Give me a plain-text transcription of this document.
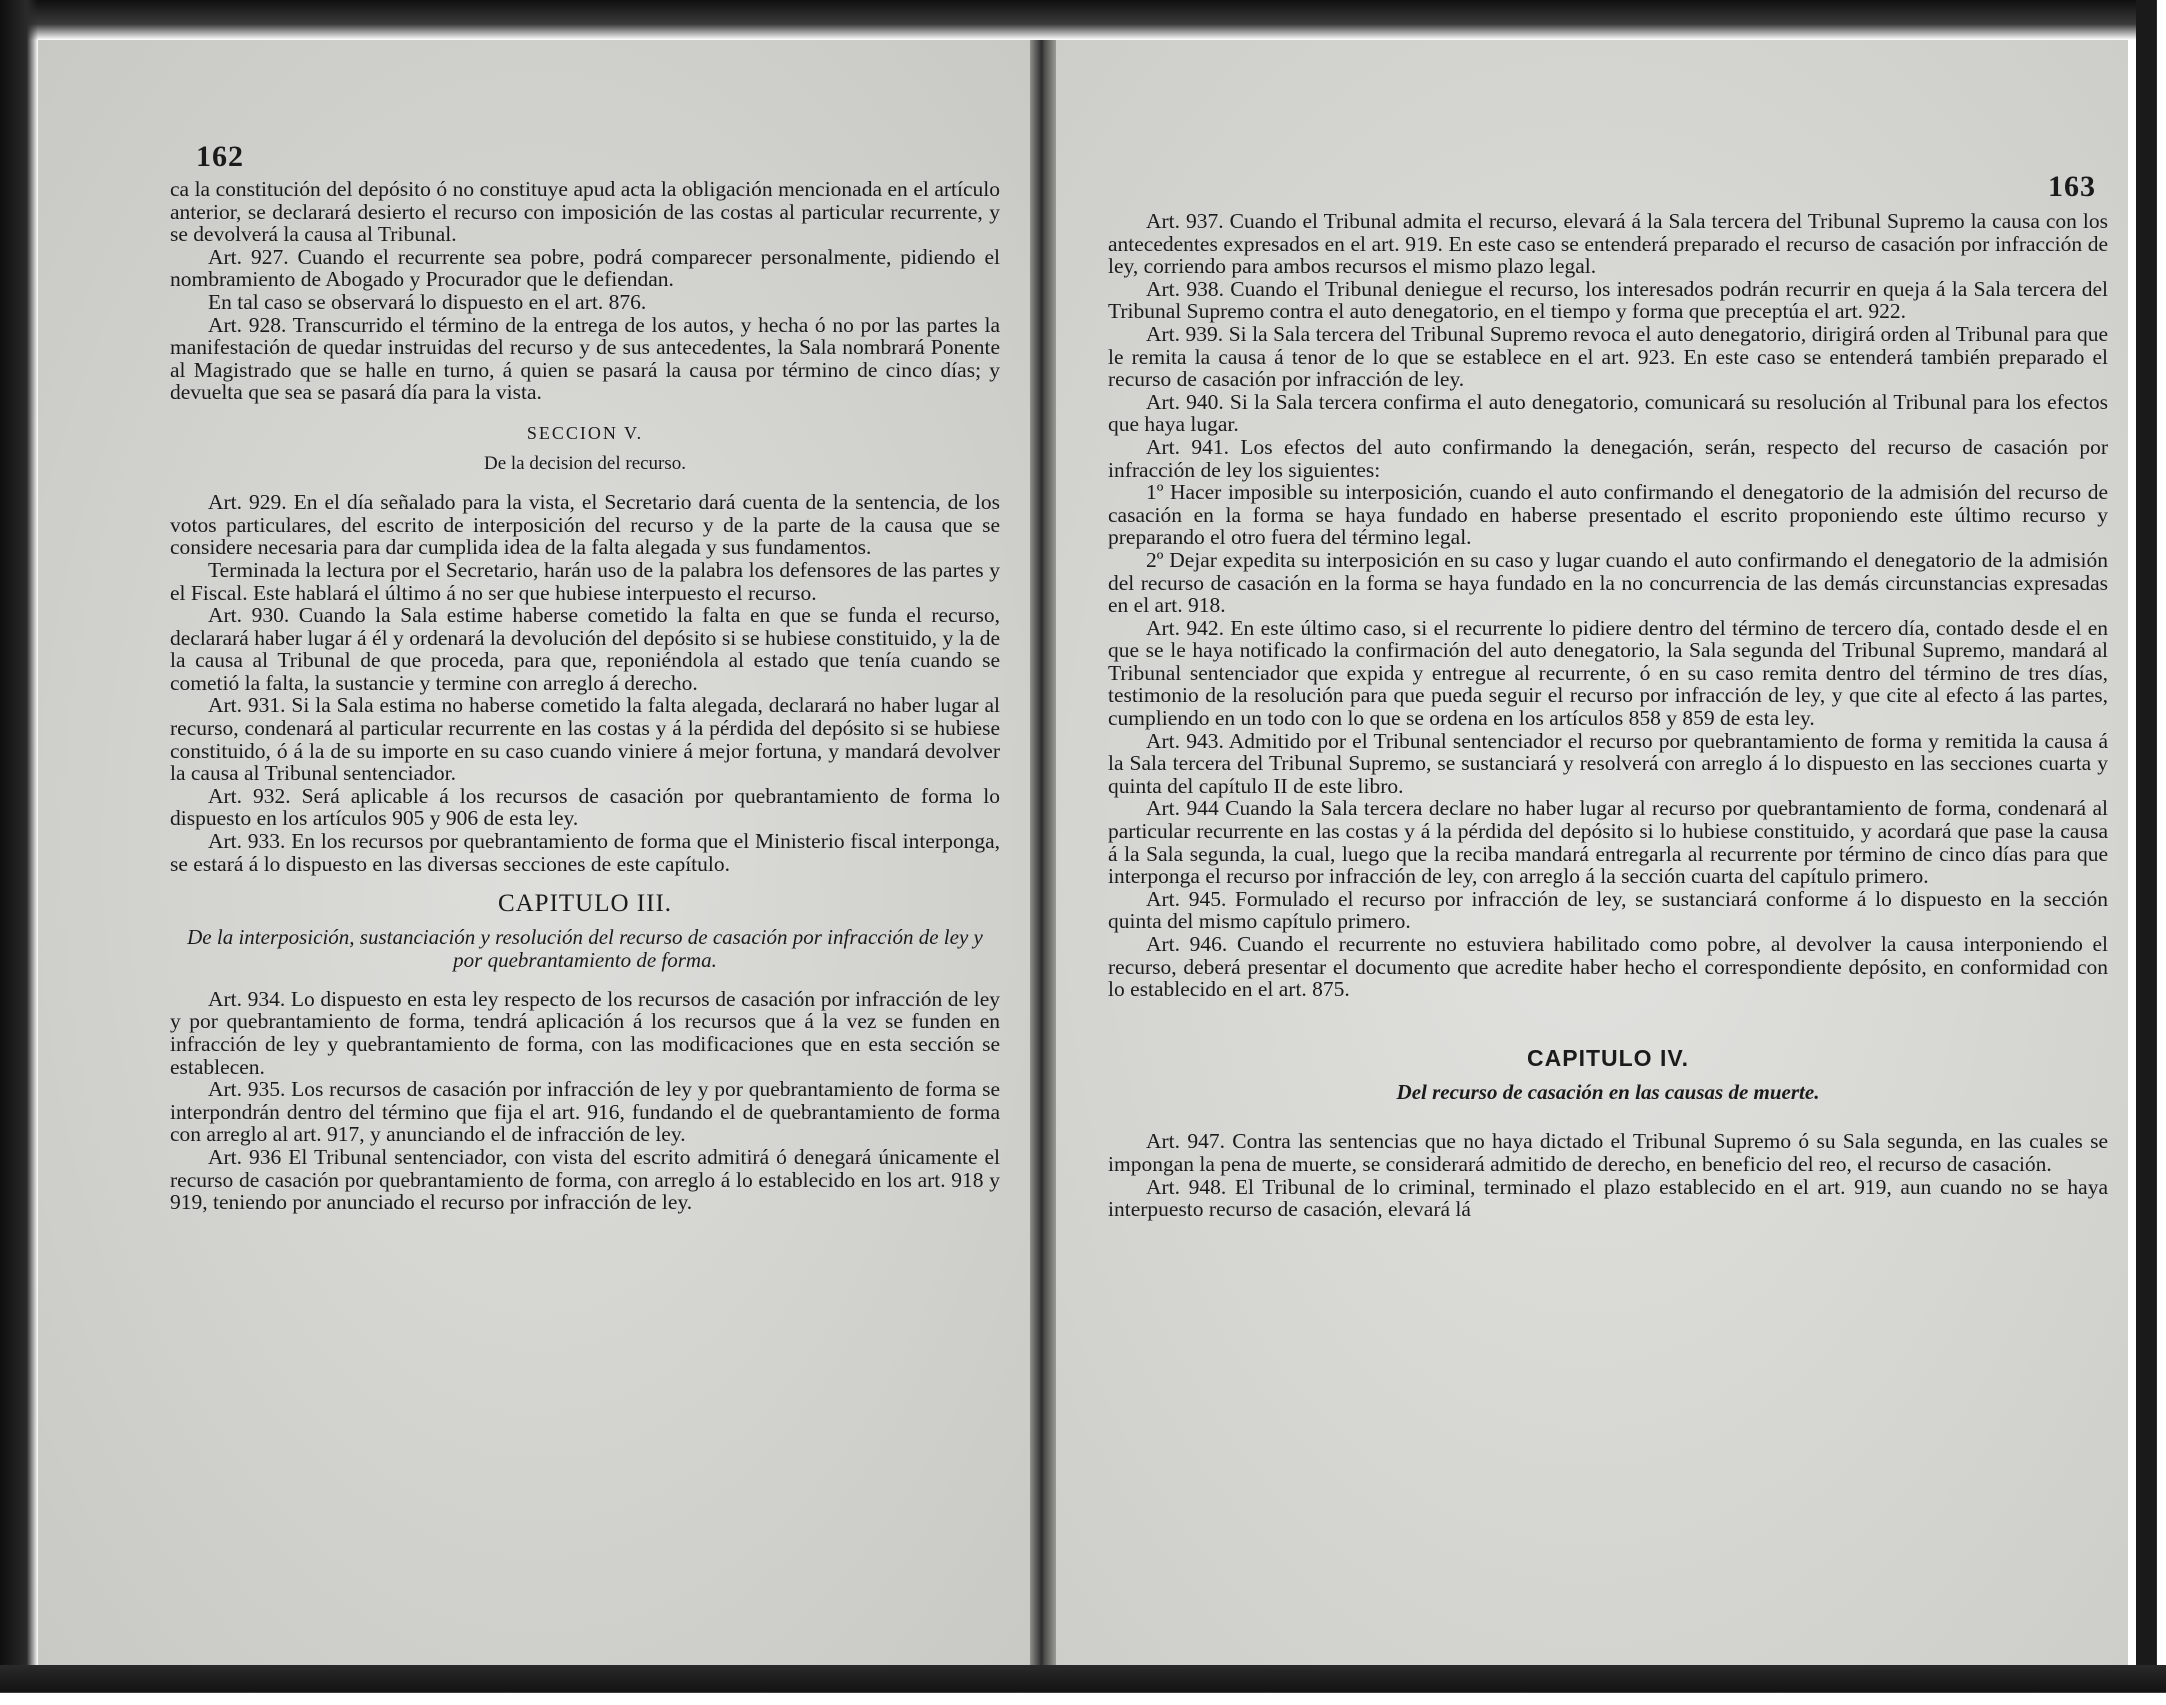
162

ca la constitución del depósito ó no constituye apud acta la obligación mencionada en el artículo anterior, se declarará desierto el recurso con imposición de las costas al particular recurrente, y se devolverá la causa al Tribunal.

Art. 927. Cuando el recurrente sea pobre, podrá comparecer personalmente, pidiendo el nombramiento de Abogado y Procurador que le defiendan.

En tal caso se observará lo dispuesto en el art. 876.

Art. 928. Transcurrido el término de la entrega de los autos, y hecha ó no por las partes la manifestación de quedar instruidas del recurso y de sus antecedentes, la Sala nombrará Ponente al Magistrado que se halle en turno, á quien se pasará la causa por término de cinco días; y devuelta que sea se pasará día para la vista.

SECCION V.
De la decision del recurso.

Art. 929. En el día señalado para la vista, el Secretario dará cuenta de la sentencia, de los votos particulares, del escrito de interposición del recurso y de la parte de la causa que se considere necesaria para dar cumplida idea de la falta alegada y sus fundamentos.

Terminada la lectura por el Secretario, harán uso de la palabra los defensores de las partes y el Fiscal. Este hablará el último á no ser que hubiese interpuesto el recurso.

Art. 930. Cuando la Sala estime haberse cometido la falta en que se funda el recurso, declarará haber lugar á él y ordenará la devolución del depósito si se hubiese constituido, y la de la causa al Tribunal de que proceda, para que, reponiéndola al estado que tenía cuando se cometió la falta, la sustancie y termine con arreglo á derecho.

Art. 931. Si la Sala estima no haberse cometido la falta alegada, declarará no haber lugar al recurso, condenará al particular recurrente en las costas y á la pérdida del depósito si se hubiese constituido, ó á la de su importe en su caso cuando viniere á mejor fortuna, y mandará devolver la causa al Tribunal sentenciador.

Art. 932. Será aplicable á los recursos de casación por quebrantamiento de forma lo dispuesto en los artículos 905 y 906 de esta ley.

Art. 933. En los recursos por quebrantamiento de forma que el Ministerio fiscal interponga, se estará á lo dispuesto en las diversas secciones de este capítulo.

CAPITULO III.
De la interposición, sustanciación y resolución del recurso de casación por infracción de ley y por quebrantamiento de forma.

Art. 934. Lo dispuesto en esta ley respecto de los recursos de casación por infracción de ley y por quebrantamiento de forma, tendrá aplicación á los recursos que á la vez se funden en infracción de ley y quebrantamiento de forma, con las modificaciones que en esta sección se establecen.

Art. 935. Los recursos de casación por infracción de ley y por quebrantamiento de forma se interpondrán dentro del término que fija el art. 916, fundando el de quebrantamiento de forma con arreglo al art. 917, y anunciando el de infracción de ley.

Art. 936 El Tribunal sentenciador, con vista del escrito admitirá ó denegará únicamente el recurso de casación por quebrantamiento de forma, con arreglo á lo establecido en los art. 918 y 919, teniendo por anunciado el recurso por infracción de ley.

163

Art. 937. Cuando el Tribunal admita el recurso, elevará á la Sala tercera del Tribunal Supremo la causa con los antecedentes expresados en el art. 919. En este caso se entenderá preparado el recurso de casación por infracción de ley, corriendo para ambos recursos el mismo plazo legal.

Art. 938. Cuando el Tribunal deniegue el recurso, los interesados podrán recurrir en queja á la Sala tercera del Tribunal Supremo contra el auto denegatorio, en el tiempo y forma que preceptúa el art. 922.

Art. 939. Si la Sala tercera del Tribunal Supremo revoca el auto denegatorio, dirigirá orden al Tribunal para que le remita la causa á tenor de lo que se establece en el art. 923. En este caso se entenderá también preparado el recurso de casación por infracción de ley.

Art. 940. Si la Sala tercera confirma el auto denegatorio, comunicará su resolución al Tribunal para los efectos que haya lugar.

Art. 941. Los efectos del auto confirmando la denegación, serán, respecto del recurso de casación por infracción de ley los siguientes:

1º Hacer imposible su interposición, cuando el auto confirmando el denegatorio de la admisión del recurso de casación en la forma se haya fundado en haberse presentado el escrito proponiendo este último recurso y preparando el otro fuera del término legal.

2º Dejar expedita su interposición en su caso y lugar cuando el auto confirmando el denegatorio de la admisión del recurso de casación en la forma se haya fundado en la no concurrencia de las demás circunstancias expresadas en el art. 918.

Art. 942. En este último caso, si el recurrente lo pidiere dentro del término de tercero día, contado desde el en que se le haya notificado la confirmación del auto denegatorio, la Sala segunda del Tribunal Supremo, mandará al Tribunal sentenciador que expida y entregue al recurrente, ó en su caso remita dentro del término de tres días, testimonio de la resolución para que pueda seguir el recurso por infracción de ley, y que cite al efecto á las partes, cumpliendo en un todo con lo que se ordena en los artículos 858 y 859 de esta ley.

Art. 943. Admitido por el Tribunal sentenciador el recurso por quebrantamiento de forma y remitida la causa á la Sala tercera del Tribunal Supremo, se sustanciará y resolverá con arreglo á lo dispuesto en las secciones cuarta y quinta del capítulo II de este libro.

Art. 944 Cuando la Sala tercera declare no haber lugar al recurso por quebrantamiento de forma, condenará al particular recurrente en las costas y á la pérdida del depósito si lo hubiese constituido, y acordará que pase la causa á la Sala segunda, la cual, luego que la reciba mandará entregarla al recurrente por término de cinco días para que interponga el recurso por infracción de ley, con arreglo á la sección cuarta del capítulo primero.

Art. 945. Formulado el recurso por infracción de ley, se sustanciará conforme á lo dispuesto en la sección quinta del mismo capítulo primero.

Art. 946. Cuando el recurrente no estuviera habilitado como pobre, al devolver la causa interponiendo el recurso, deberá presentar el documento que acredite haber hecho el correspondiente depósito, en conformidad con lo establecido en el art. 875.

CAPITULO IV.
Del recurso de casación en las causas de muerte.

Art. 947. Contra las sentencias que no haya dictado el Tribunal Supremo ó su Sala segunda, en las cuales se impongan la pena de muerte, se considerará admitido de derecho, en beneficio del reo, el recurso de casación.

Art. 948. El Tribunal de lo criminal, terminado el plazo establecido en el art. 919, aun cuando no se haya interpuesto recurso de casación, elevará lá
